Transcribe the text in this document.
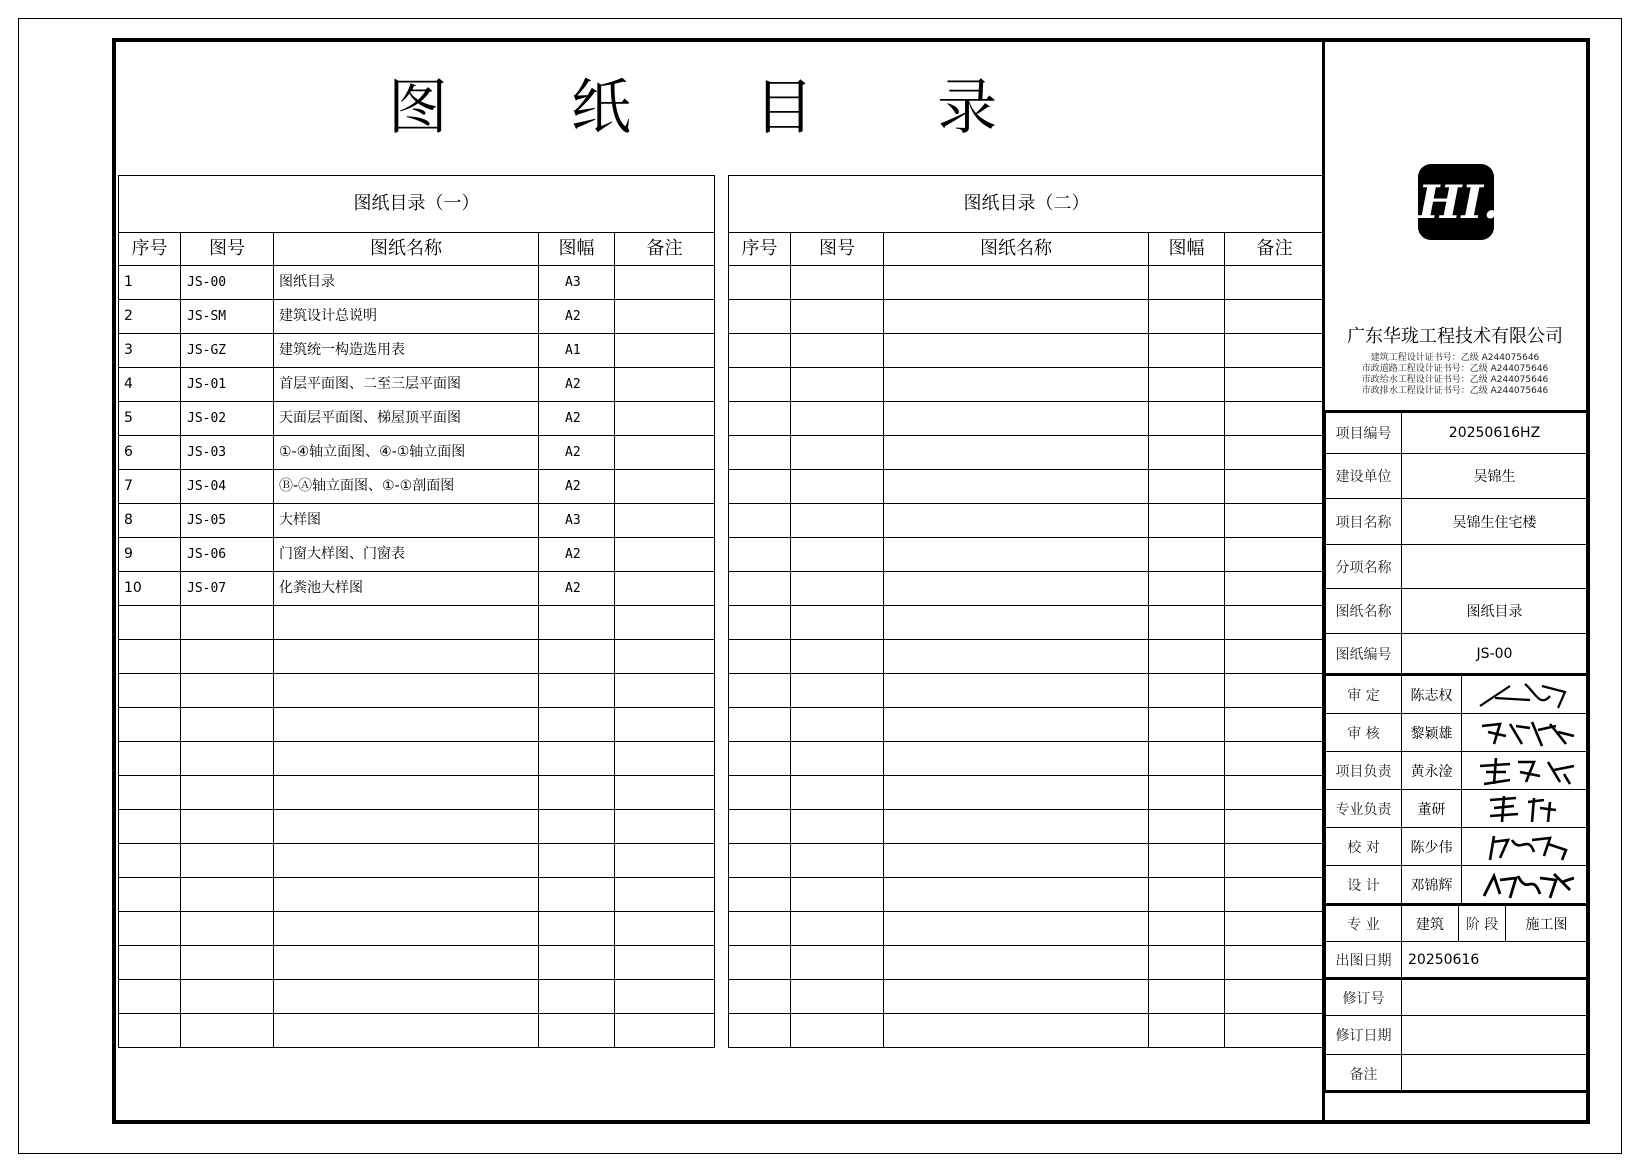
图 纸 目 录
图纸目录（一）				
序号	图号	图纸名称	图幅	备注
1	JS-00	图纸目录	A3	
2	JS-SM	建筑设计总说明	A2	
3	JS-GZ	建筑统一构造选用表	A1	
4	JS-01	首层平面图、二至三层平面图	A2	
5	JS-02	天面层平面图、梯屋顶平面图	A2	
6	JS-03	①-④轴立面图、④-①轴立面图	A2	
7	JS-04	Ⓑ-Ⓐ轴立面图、①-①剖面图	A2	
8	JS-05	大样图	A3	
9	JS-06	门窗大样图、门窗表	A2	
10	JS-07	化粪池大样图	A2	

图纸目录（二）				
序号	图号	图纸名称	图幅	备注

HI.
广东华珑工程技术有限公司
建筑工程设计证书号：乙级 A244075646
市政道路工程设计证书号：乙级 A244075646
市政给水工程设计证书号：乙级 A244075646
市政排水工程设计证书号：乙级 A244075646
项目编号	20250616HZ
建设单位	吴锦生
项目名称	吴锦生住宅楼
分项名称	
图纸名称	图纸目录
图纸编号	JS-00
审 定	陈志权	

审 核	黎颖雄	

项目负责	黄永淦	

专业负责	董研	

校 对	陈少伟	

设 计	邓锦辉	
专 业	建筑	阶 段	施工图
出图日期	20250616		
修订号	
修订日期	
备注	
